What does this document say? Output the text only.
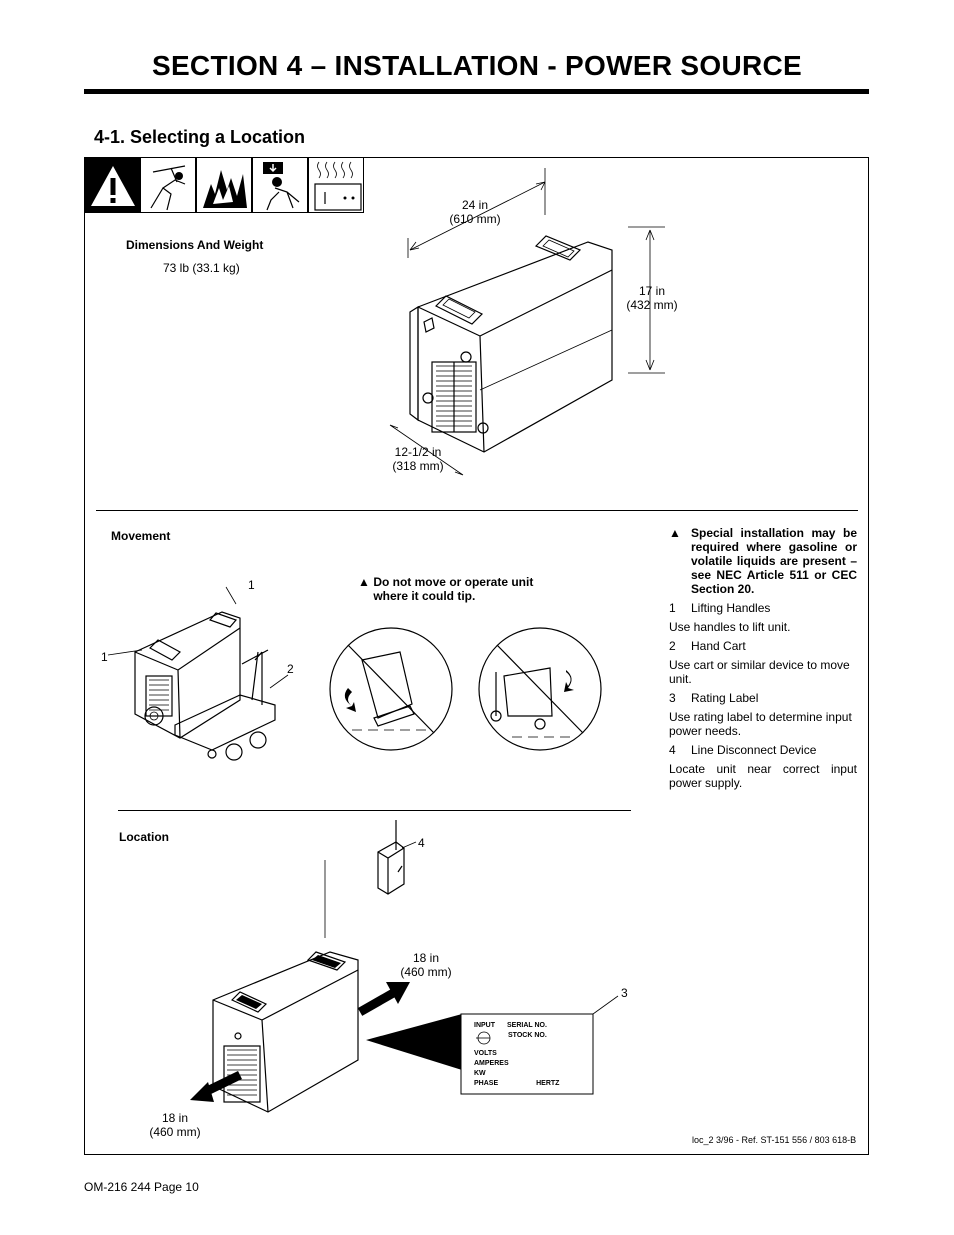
SECTION 4 – INSTALLATION - POWER SOURCE
4-1. Selecting a Location
Dimensions And Weight
73 lb (33.1 kg)
24 in
(610 mm)
17 in
(432 mm)
12-1/2 in
(318 mm)
Movement
1
1
2
▲ Do not move or operate unit where it could tip.
▲ Special installation may be required where gasoline or volatile liquids are present – see NEC Article 511 or CEC Section 20.

1	Lifting Handles

Use handles to lift unit.

2	Hand Cart

Use cart or similar device to move unit.

3	Rating Label

Use rating label to determine input power needs.

4	Line Disconnect Device

Locate unit near correct input power supply.

Location	4
3
18 in
(460 mm)
18 in
(460 mm)
INPUT SERIAL NO.
STOCK NO.
VOLTS
AMPERES
KW
PHASE	HERTZ
loc_2 3/96 - Ref. ST-151 556 / 803 618-B
OM-216 244 Page 10
